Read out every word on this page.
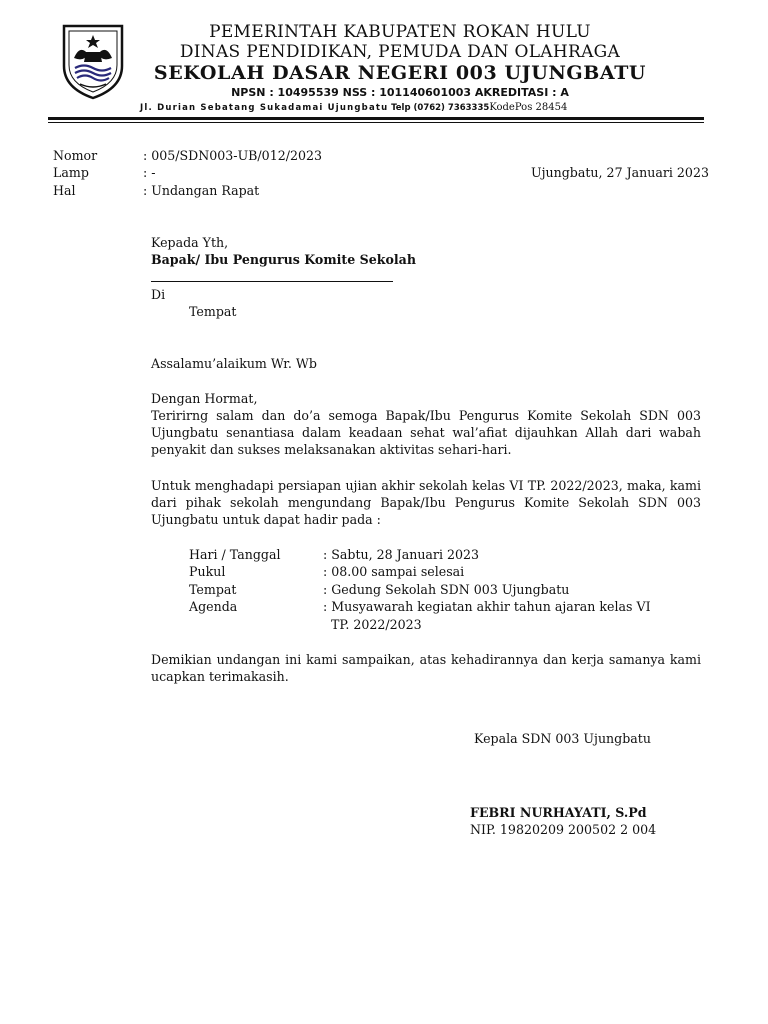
PEMERINTAH KABUPATEN ROKAN HULU
DINAS PENDIDIKAN, PEMUDA DAN OLAHRAGA
SEKOLAH DASAR NEGERI 003 UJUNGBATU
NPSN : 10495539 NSS : 101140601003 AKREDITASI : A
Jl. Durian Sebatang Sukadamai Ujungbatu Telp (0762) 7363335KodePos 28454
Nomor	: 005/SDN003-UB/012/2023
Lamp	: -	Ujungbatu, 27 Januari 2023
Hal	: Undangan Rapat
Kepada Yth,
Bapak/ Ibu Pengurus Komite Sekolah
Di
Tempat
Assalamu’alaikum Wr. Wb
Dengan Hormat,
Teririrng salam dan do’a semoga Bapak/Ibu Pengurus Komite Sekolah SDN 003 Ujungbatu senantiasa dalam keadaan sehat wal’afiat dijauhkan Allah dari wabah penyakit dan sukses melaksanakan aktivitas sehari-hari.
Untuk menghadapi persiapan ujian akhir sekolah kelas VI TP. 2022/2023, maka, kami dari pihak sekolah mengundang Bapak/Ibu Pengurus Komite Sekolah SDN 003 Ujungbatu untuk dapat hadir pada :
Hari / Tanggal	: Sabtu, 28 Januari 2023
Pukul	: 08.00 sampai selesai
Tempat	: Gedung Sekolah SDN 003 Ujungbatu
Agenda	: Musyawarah kegiatan akhir tahun ajaran kelas VI
TP. 2022/2023
Demikian undangan ini kami sampaikan, atas kehadirannya dan kerja samanya kami ucapkan terimakasih.
Kepala SDN 003 Ujungbatu
FEBRI NURHAYATI, S.Pd
NIP. 19820209 200502 2 004
